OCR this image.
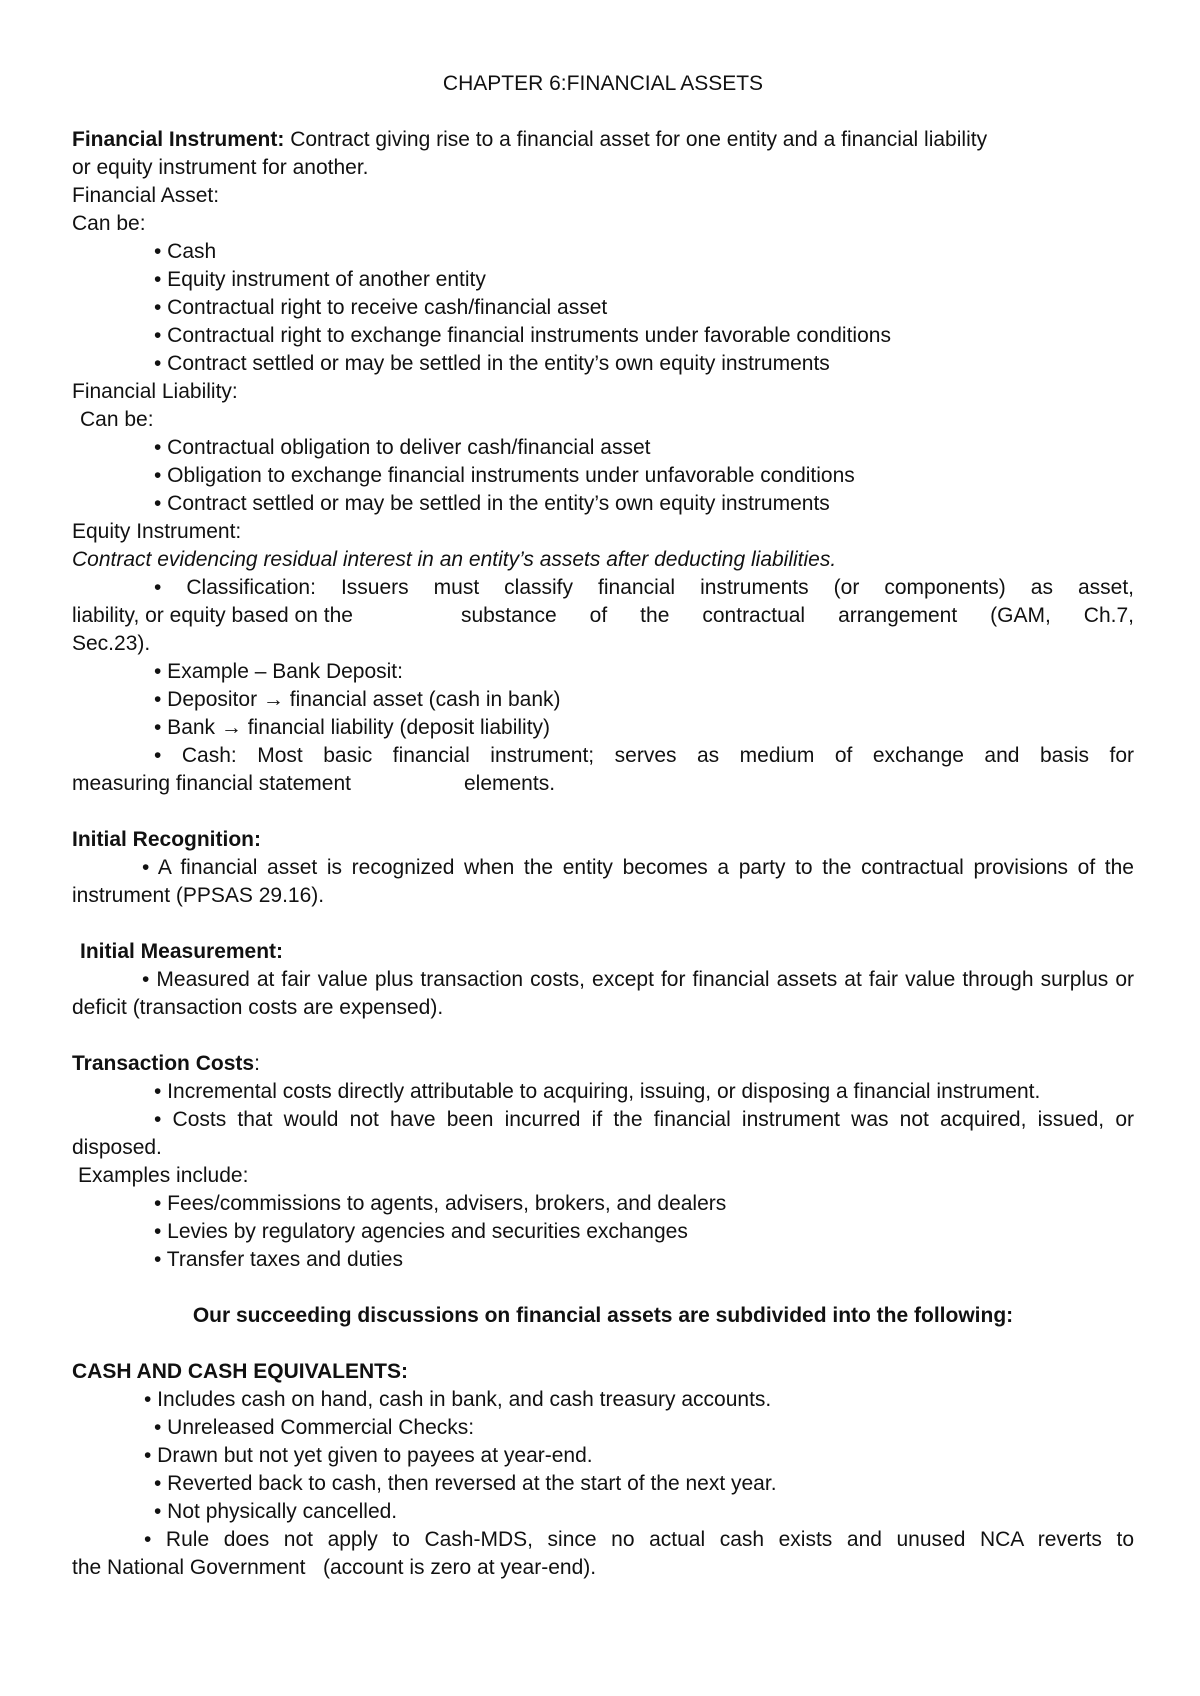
CHAPTER 6:FINANCIAL ASSETS

Financial Instrument: Contract giving rise to a financial asset for one entity and a financial liability

or equity instrument for another.

Financial Asset:

Can be:

• Cash

• Equity instrument of another entity

• Contractual right to receive cash/financial asset

• Contractual right to exchange financial instruments under favorable conditions

• Contract settled or may be settled in the entity’s own equity instruments

Financial Liability:

Can be:

• Contractual obligation to deliver cash/financial asset

• Obligation to exchange financial instruments under unfavorable conditions

• Contract settled or may be settled in the entity’s own equity instruments

Equity Instrument:

Contract evidencing residual interest in an entity’s assets after deducting liabilities.

• Classification: Issuers must classify financial instruments (or components) as asset,

liability, or equity based on the	substance of the contractual arrangement (GAM, Ch.7,

Sec.23).

• Example – Bank Deposit:

• Depositor → financial asset (cash in bank)

• Bank → financial liability (deposit liability)

• Cash: Most basic financial instrument; serves as medium of exchange and basis for

measuring financial statement	elements.

Initial Recognition:

• A financial asset is recognized when the entity becomes a party to the contractual provisions of the instrument (PPSAS 29.16).

Initial Measurement:

• Measured at fair value plus transaction costs, except for financial assets at fair value through surplus or deficit (transaction costs are expensed).

Transaction Costs:

• Incremental costs directly attributable to acquiring, issuing, or disposing a financial instrument.

• Costs that would not have been incurred if the financial instrument was not acquired, issued, or disposed.

Examples include:

• Fees/commissions to agents, advisers, brokers, and dealers

• Levies by regulatory agencies and securities exchanges

• Transfer taxes and duties

Our succeeding discussions on financial assets are subdivided into the following:

CASH AND CASH EQUIVALENTS:

• Includes cash on hand, cash in bank, and cash treasury accounts.

• Unreleased Commercial Checks:

• Drawn but not yet given to payees at year-end.

• Reverted back to cash, then reversed at the start of the next year.

• Not physically cancelled.

• Rule does not apply to Cash-MDS, since no actual cash exists and unused NCA reverts to

the National Government   (account is zero at year-end).
